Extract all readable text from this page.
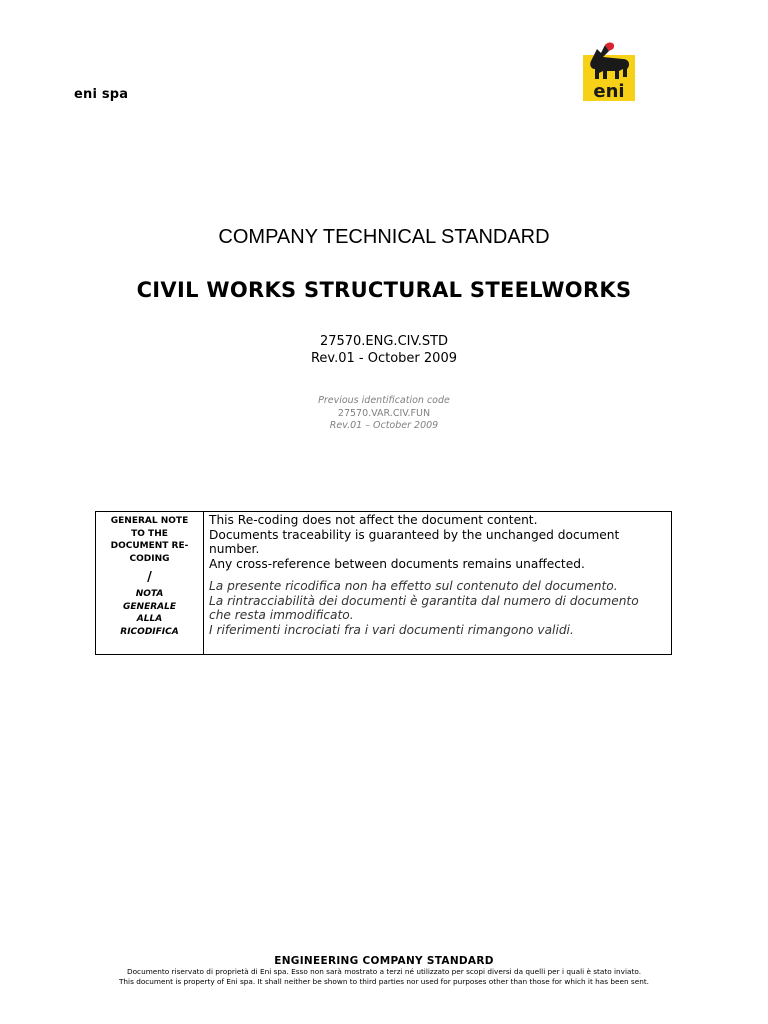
eni spa	eni
COMPANY TECHNICAL STANDARD
CIVIL WORKS STRUCTURAL STEELWORKS
27570.ENG.CIV.STD
Rev.01 - October 2009
Previous identification code
27570.VAR.CIV.FUN
Rev.01 – October 2009
GENERAL NOTE
TO THE
DOCUMENT RE-
CODING
/
NOTA
GENERALE
ALLA
RICODIFICA
This Re-coding does not affect the document content.
Documents traceability is guaranteed by the unchanged document
number.
Any cross-reference between documents remains unaffected.
La presente ricodifica non ha effetto sul contenuto del documento.
La rintracciabilità dei documenti è garantita dal numero di documento
che resta immodificato.
I riferimenti incrociati fra i vari documenti rimangono validi.
ENGINEERING COMPANY STANDARD
Documento riservato di proprietà di Eni spa. Esso non sarà mostrato a terzi né utilizzato per scopi diversi da quelli per i quali è stato inviato.
This document is property of Eni spa. It shall neither be shown to third parties nor used for purposes other than those for which it has been sent.
